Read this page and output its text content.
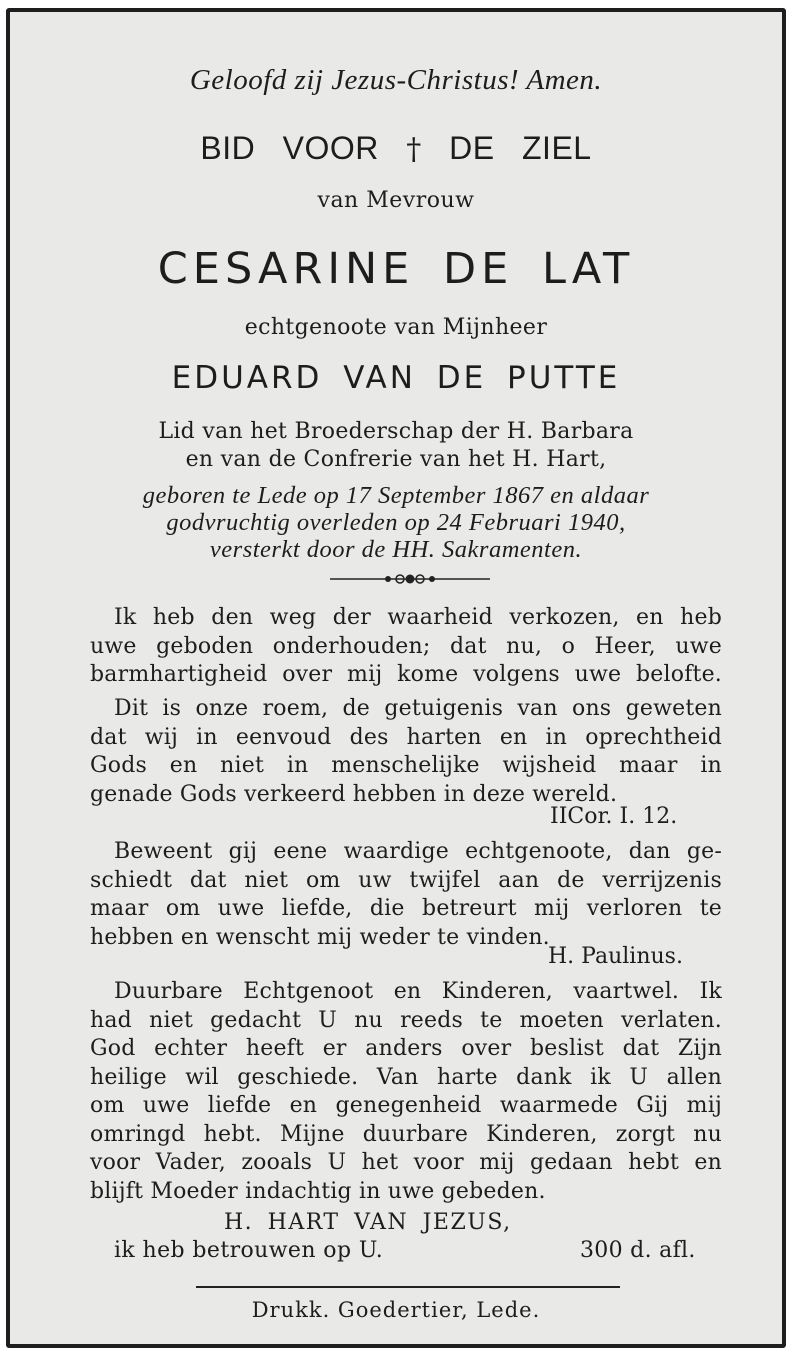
Geloofd zij Jezus-Christus! Amen.
BID VOOR † DE ZIEL
van Mevrouw
CESARINE DE LAT
echtgenoote van Mijnheer
EDUARD VAN DE PUTTE
Lid van het Broederschap der H. Barbara
en van de Confrerie van het H. Hart,
geboren te Lede op 17 September 1867 en aldaar
godvruchtig overleden op 24 Februari 1940,
versterkt door de HH. Sakramenten.
Ik heb den weg der waarheid verkozen, en heb
uwe geboden onderhouden; dat nu, o Heer, uwe
barmhartigheid over mij kome volgens uwe belofte.
Dit is onze roem, de getuigenis van ons geweten
dat wij in eenvoud des harten en in oprechtheid
Gods en niet in menschelijke wijsheid maar in
genade Gods verkeerd hebben in deze wereld.
IICor. I. 12.
Beweent gij eene waardige echtgenoote, dan ge-
schiedt dat niet om uw twijfel aan de verrijzenis
maar om uwe liefde, die betreurt mij verloren te
hebben en wenscht mij weder te vinden.
H. Paulinus.
Duurbare Echtgenoot en Kinderen, vaartwel. Ik
had niet gedacht U nu reeds te moeten verlaten.
God echter heeft er anders over beslist dat Zijn
heilige wil geschiede. Van harte dank ik U allen
om uwe liefde en genegenheid waarmede Gij mij
omringd hebt. Mijne duurbare Kinderen, zorgt nu
voor Vader, zooals U het voor mij gedaan hebt en
blijft Moeder indachtig in uwe gebeden.
H. HART VAN JEZUS,
ik heb betrouwen op U.	300 d. afl.
Drukk. Goedertier, Lede.
